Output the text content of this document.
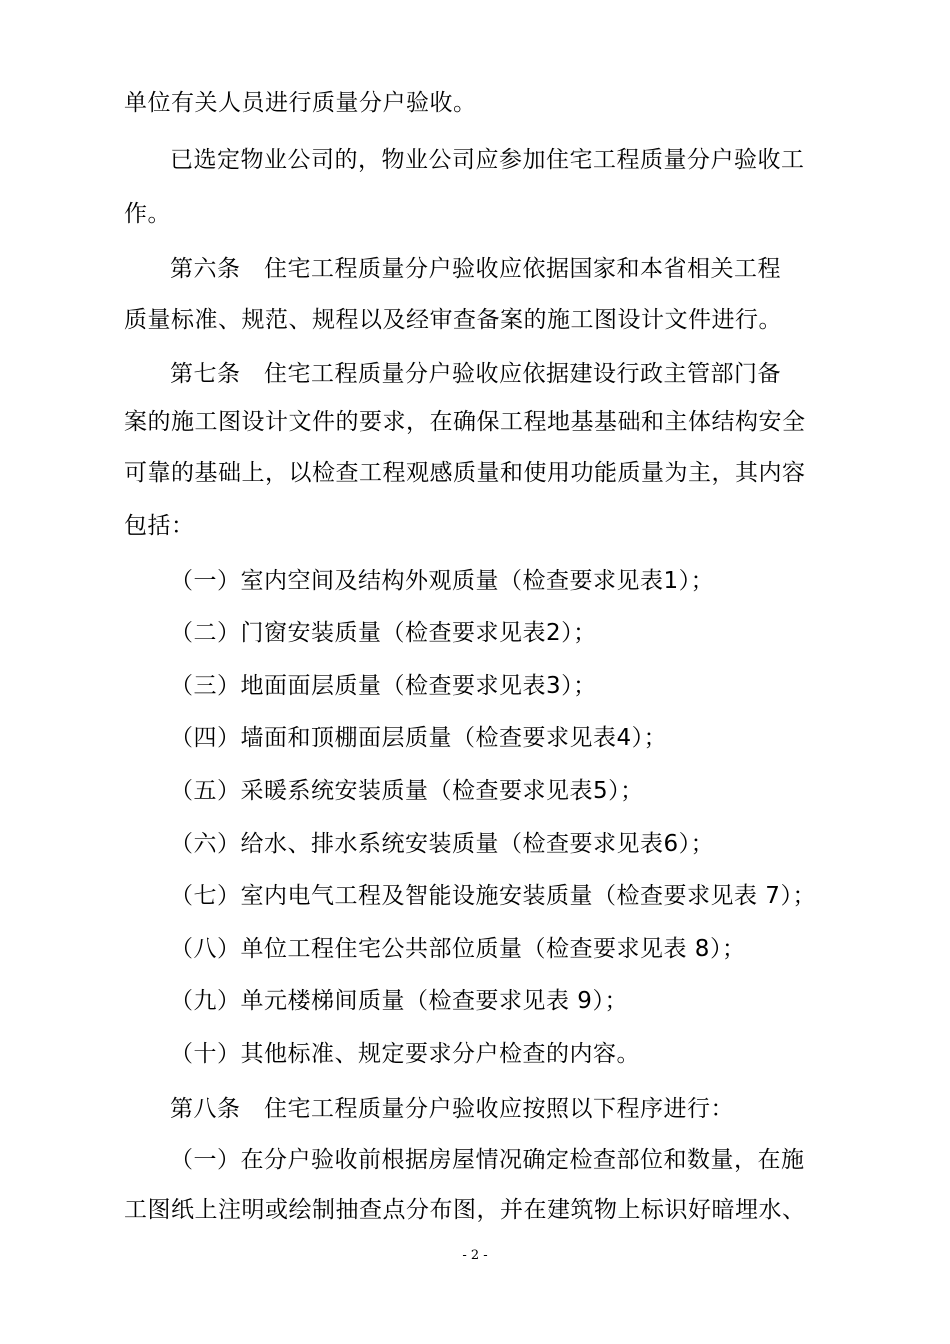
单位有关人员进行质量分户验收。
已选定物业公司的，物业公司应参加住宅工程质量分户验收工
作。
第六条　住宅工程质量分户验收应依据国家和本省相关工程
质量标准、规范、规程以及经审查备案的施工图设计文件进行。
第七条　住宅工程质量分户验收应依据建设行政主管部门备
案的施工图设计文件的要求，在确保工程地基基础和主体结构安全
可靠的基础上，以检查工程观感质量和使用功能质量为主，其内容
包括：
（一）室内空间及结构外观质量（检查要求见表1）；
（二）门窗安装质量（检查要求见表2）；
（三）地面面层质量（检查要求见表3）；
（四）墙面和顶棚面层质量（检查要求见表4）；
（五）采暖系统安装质量（检查要求见表5）；
（六）给水、排水系统安装质量（检查要求见表6）；
（七）室内电气工程及智能设施安装质量（检查要求见表 7）；
（八）单位工程住宅公共部位质量（检查要求见表 8）；
（九）单元楼梯间质量（检查要求见表 9）；
（十）其他标准、规定要求分户检查的内容。
第八条　住宅工程质量分户验收应按照以下程序进行：
（一）在分户验收前根据房屋情况确定检查部位和数量，在施
工图纸上注明或绘制抽查点分布图，并在建筑物上标识好暗埋水、
- 2 -
